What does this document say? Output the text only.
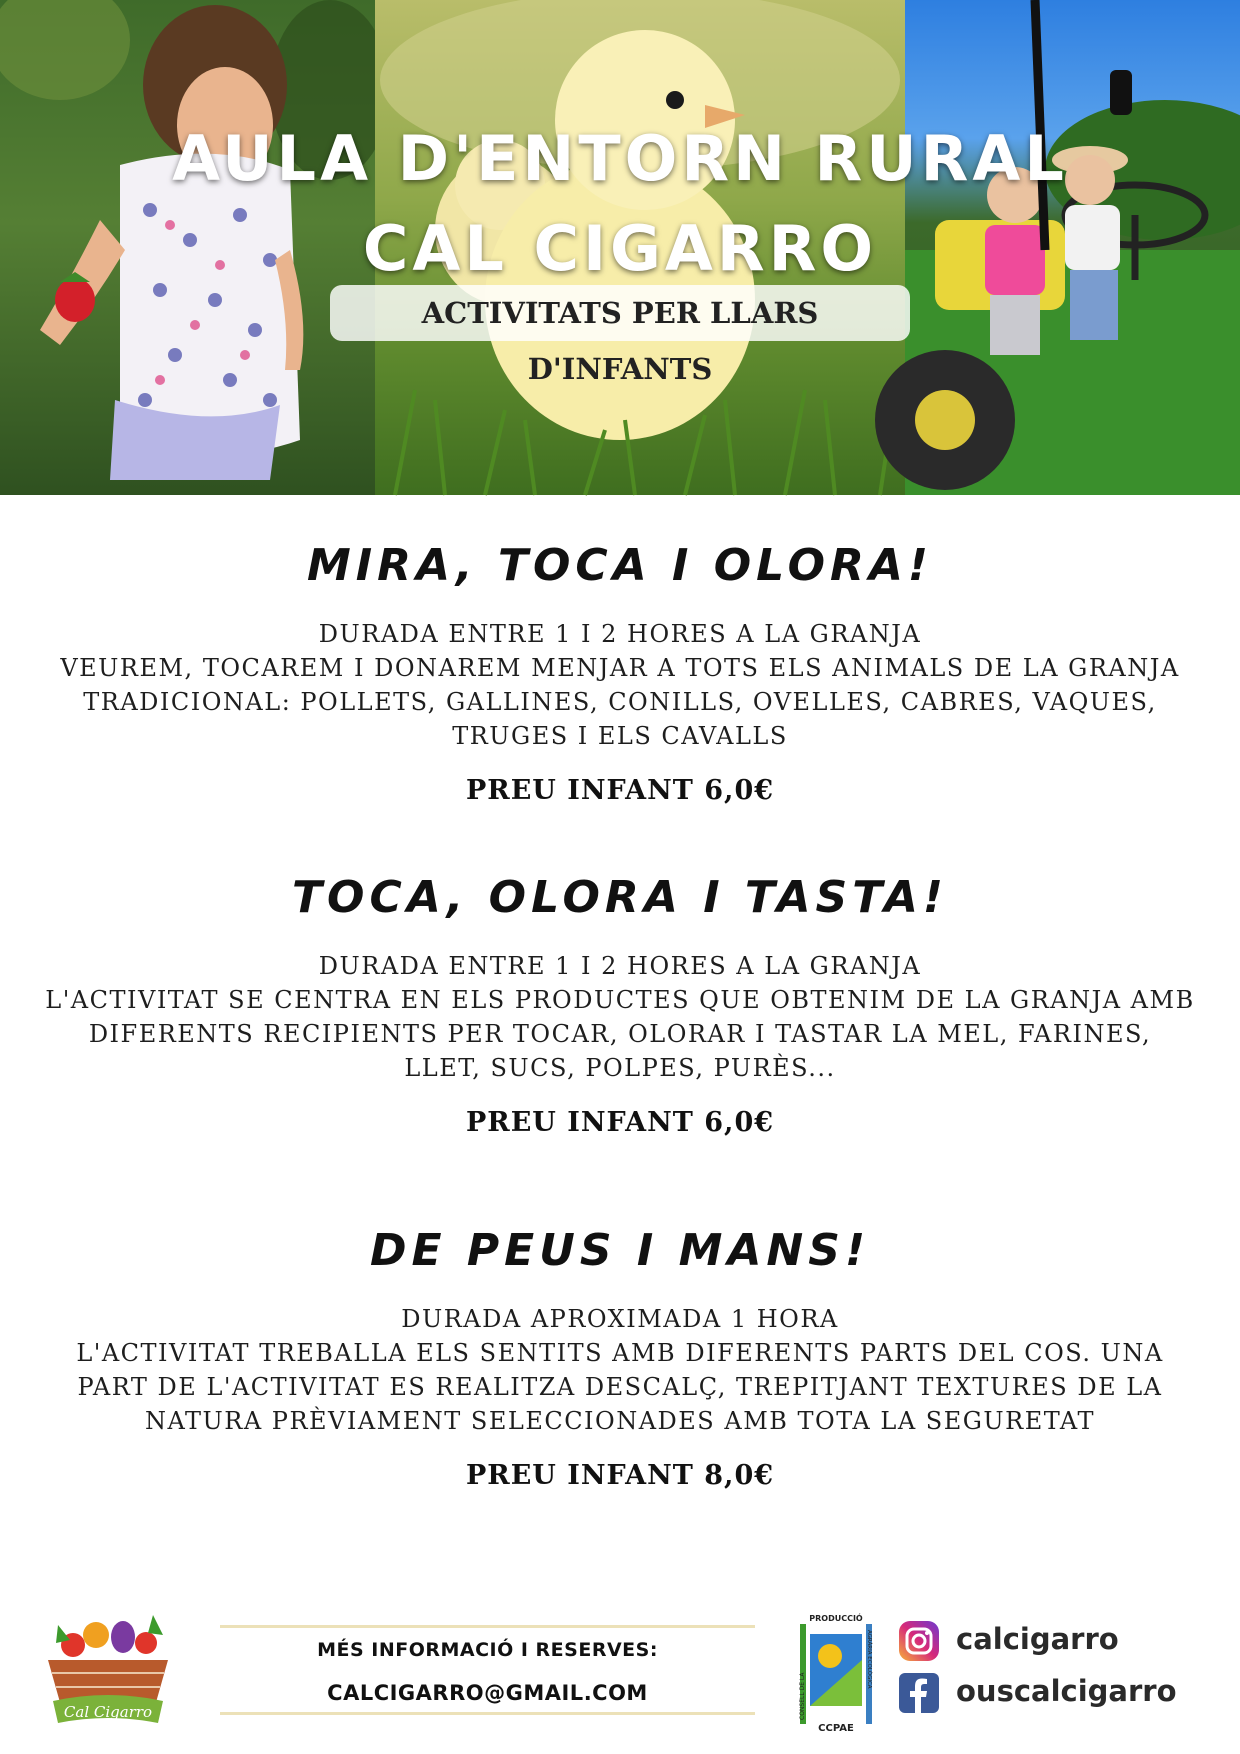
AULA D'ENTORN RURAL
CAL CIGARRO
ACTIVITATS PER LLARS D'INFANTS
MIRA, TOCA I OLORA!
DURADA ENTRE 1 I 2 HORES A LA GRANJA
VEUREM, TOCAREM I DONAREM MENJAR A TOTS ELS ANIMALS DE LA GRANJA
TRADICIONAL: POLLETS, GALLINES, CONILLS, OVELLES, CABRES, VAQUES,
TRUGES I ELS CAVALLS
PREU INFANT 6,0€
TOCA, OLORA I TASTA!
DURADA ENTRE 1 I 2 HORES A LA GRANJA
L'ACTIVITAT SE CENTRA EN ELS PRODUCTES QUE OBTENIM DE LA GRANJA AMB
DIFERENTS RECIPIENTS PER TOCAR, OLORAR I TASTAR LA MEL, FARINES,
LLET, SUCS, POLPES, PURÈS...
PREU INFANT 6,0€
DE PEUS I MANS!
DURADA APROXIMADA 1 HORA
L'ACTIVITAT TREBALLA ELS SENTITS AMB DIFERENTS PARTS DEL COS. UNA
PART DE L'ACTIVITAT ES REALITZA DESCALÇ, TREPITJANT TEXTURES DE LA
NATURA PRÈVIAMENT SELECCIONADES AMB TOTA LA SEGURETAT
PREU INFANT 8,0€
Cal Cigarro
MÉS INFORMACIÓ I RESERVES:
CALCIGARRO@GMAIL.COM
PRODUCCIÓ
CCPAE
CONSELL DE LA
AGRÀRIA ECOLÒGICA	calcigarro
ouscalcigarro
